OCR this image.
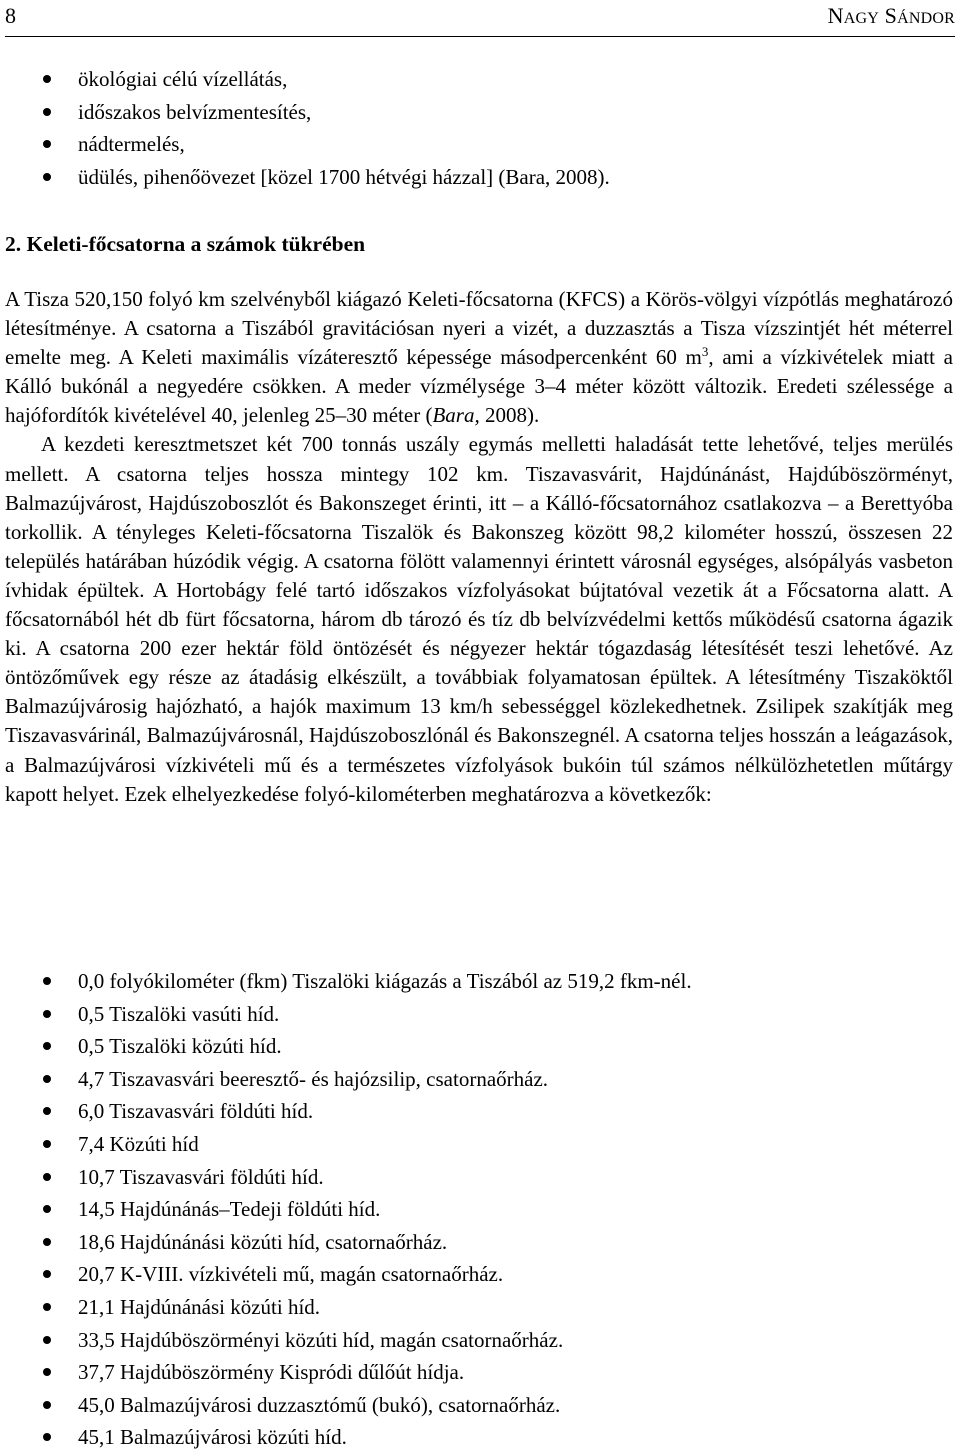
8	NAGY SÁNDOR
ökológiai célú vízellátás,
időszakos belvízmentesítés,
nádtermelés,
üdülés, pihenőövezet [közel 1700 hétvégi házzal] (Bara, 2008).
2. Keleti-főcsatorna a számok tükrében

A Tisza 520,150 folyó km szelvényből kiágazó Keleti-főcsatorna (KFCS) a Körös-völgyi vízpótlás meghatározó létesítménye. A csatorna a Tiszából gravitációsan nyeri a vizét, a duzzasztás a Tisza vízszintjét hét méterrel emelte meg. A Keleti maximális vízáteresztő képessége másodpercenként 60 $m^3$, ami a vízkivételek miatt a Kálló bukónál a negyedére csökken. A meder vízmélysége 3–4 méter között változik. Eredeti szélessége a hajófordítók kivételével 40, jelenleg 25–30 méter (Bara, 2008).

A kezdeti keresztmetszet két 700 tonnás uszály egymás melletti haladását tette lehetővé, teljes merülés mellett. A csatorna teljes hossza mintegy 102 km. Tiszavasvárit, Hajdúnánást, Hajdúböszörményt, Balmazújvárost, Hajdúszoboszlót és Bakonszeget érinti, itt – a Kálló-főcsatornához csatlakozva – a Berettyóba torkollik. A tényleges Keleti-főcsatorna Tiszalök és Bakonszeg között 98,2 kilométer hosszú, összesen 22 település határában húzódik végig. A csatorna fölött valamennyi érintett városnál egységes, alsópályás vasbeton ívhidak épültek. A Hortobágy felé tartó időszakos vízfolyásokat bújtatóval vezetik át a Főcsatorna alatt. A főcsatornából hét db fürt főcsatorna, három db tározó és tíz db belvízvédelmi kettős működésű csatorna ágazik ki. A csatorna 200 ezer hektár föld öntözését és négyezer hektár tógazdaság létesítését teszi lehetővé. Az öntözőművek egy része az átadásig elkészült, a továbbiak folyamatosan épültek. A létesítmény Tiszaköktől Balmazújvárosig hajózható, a hajók maximum 13 km/h sebességgel közlekedhetnek. Zsilipek szakítják meg Tiszavasvárinál, Balmazújvárosnál, Hajdúszoboszlónál és Bakonszegnél. A csatorna teljes hosszán a leágazások, a Balmazújvárosi vízkivételi mű és a természetes vízfolyások bukóin túl számos nélkülözhetetlen műtárgy kapott helyet. Ezek elhelyezkedése folyó-kilométerben meghatározva a következők:

0,0 folyókilométer (fkm) Tiszalöki kiágazás a Tiszából az 519,2 fkm-nél.
0,5 Tiszalöki vasúti híd.
0,5 Tiszalöki közúti híd.
4,7 Tiszavasvári beeresztő- és hajózsilip, csatornaőrház.
6,0 Tiszavasvári földúti híd.
7,4 Közúti híd
10,7 Tiszavasvári földúti híd.
14,5 Hajdúnánás–Tedeji földúti híd.
18,6 Hajdúnánási közúti híd, csatornaőrház.
20,7 K-VIII. vízkivételi mű, magán csatornaőrház.
21,1 Hajdúnánási közúti híd.
33,5 Hajdúböszörményi közúti híd, magán csatornaőrház.
37,7 Hajdúböszörmény Kispródi dűlőút hídja.
45,0 Balmazújvárosi duzzasztómű (bukó), csatornaőrház.
45,1 Balmazújvárosi közúti híd.
